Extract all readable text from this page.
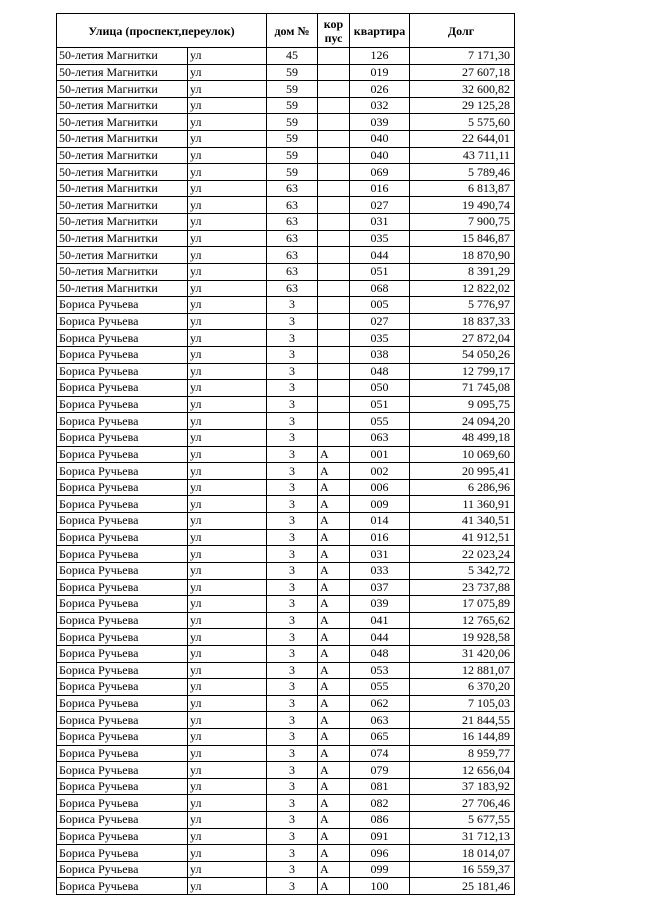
Улица (проспект,переулок)		дом №	кор пус	квартира	Долг

50-летия Магнитки	ул	45		126	7 171,30
50-летия Магнитки	ул	59		019	27 607,18
50-летия Магнитки	ул	59		026	32 600,82
50-летия Магнитки	ул	59		032	29 125,28
50-летия Магнитки	ул	59		039	5 575,60
50-летия Магнитки	ул	59		040	22 644,01
50-летия Магнитки	ул	59		040	43 711,11
50-летия Магнитки	ул	59		069	5 789,46
50-летия Магнитки	ул	63		016	6 813,87
50-летия Магнитки	ул	63		027	19 490,74
50-летия Магнитки	ул	63		031	7 900,75
50-летия Магнитки	ул	63		035	15 846,87
50-летия Магнитки	ул	63		044	18 870,90
50-летия Магнитки	ул	63		051	8 391,29
50-летия Магнитки	ул	63		068	12 822,02
Бориса Ручьева	ул	3		005	5 776,97
Бориса Ручьева	ул	3		027	18 837,33
Бориса Ручьева	ул	3		035	27 872,04
Бориса Ручьева	ул	3		038	54 050,26
Бориса Ручьева	ул	3		048	12 799,17
Бориса Ручьева	ул	3		050	71 745,08
Бориса Ручьева	ул	3		051	9 095,75
Бориса Ручьева	ул	3		055	24 094,20
Бориса Ручьева	ул	3		063	48 499,18
Бориса Ручьева	ул	3	А	001	10 069,60
Бориса Ручьева	ул	3	А	002	20 995,41
Бориса Ручьева	ул	3	А	006	6 286,96
Бориса Ручьева	ул	3	А	009	11 360,91
Бориса Ручьева	ул	3	А	014	41 340,51
Бориса Ручьева	ул	3	А	016	41 912,51
Бориса Ручьева	ул	3	А	031	22 023,24
Бориса Ручьева	ул	3	А	033	5 342,72
Бориса Ручьева	ул	3	А	037	23 737,88
Бориса Ручьева	ул	3	А	039	17 075,89
Бориса Ручьева	ул	3	А	041	12 765,62
Бориса Ручьева	ул	3	А	044	19 928,58
Бориса Ручьева	ул	3	А	048	31 420,06
Бориса Ручьева	ул	3	А	053	12 881,07
Бориса Ручьева	ул	3	А	055	6 370,20
Бориса Ручьева	ул	3	А	062	7 105,03
Бориса Ручьева	ул	3	А	063	21 844,55
Бориса Ручьева	ул	3	А	065	16 144,89
Бориса Ручьева	ул	3	А	074	8 959,77
Бориса Ручьева	ул	3	А	079	12 656,04
Бориса Ручьева	ул	3	А	081	37 183,92
Бориса Ручьева	ул	3	А	082	27 706,46
Бориса Ручьева	ул	3	А	086	5 677,55
Бориса Ручьева	ул	3	А	091	31 712,13
Бориса Ручьева	ул	3	А	096	18 014,07
Бориса Ручьева	ул	3	А	099	16 559,37
Бориса Ручьева	ул	3	А	100	25 181,46
